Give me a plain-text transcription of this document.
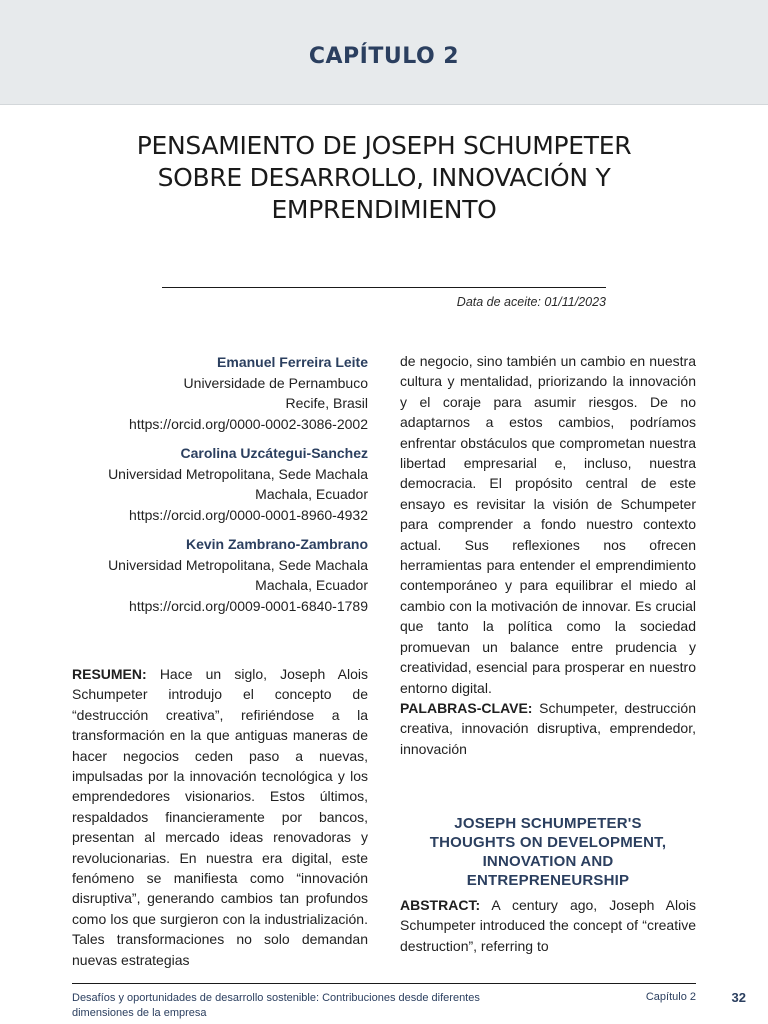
CAPÍTULO 2
PENSAMIENTO DE JOSEPH SCHUMPETER
SOBRE DESARROLLO, INNOVACIÓN Y
EMPRENDIMIENTO
Data de aceite: 01/11/2023
Emanuel Ferreira Leite
Universidade de Pernambuco
Recife, Brasil
https://orcid.org/0000-0002-3086-2002
Carolina Uzcátegui-Sanchez
Universidad Metropolitana, Sede Machala
Machala, Ecuador
https://orcid.org/0000-0001-8960-4932
Kevin Zambrano-Zambrano
Universidad Metropolitana, Sede Machala
Machala, Ecuador
https://orcid.org/0009-0001-6840-1789

RESUMEN: Hace un siglo, Joseph Alois Schumpeter introdujo el concepto de “destrucción creativa”, refiriéndose a la transformación en la que antiguas maneras de hacer negocios ceden paso a nuevas, impulsadas por la innovación tecnológica y los emprendedores visionarios. Estos últimos, respaldados financieramente por bancos, presentan al mercado ideas renovadoras y revolucionarias. En nuestra era digital, este fenómeno se manifiesta como “innovación disruptiva”, generando cambios tan profundos como los que surgieron con la industrialización. Tales transformaciones no solo demandan nuevas estrategias

de negocio, sino también un cambio en nuestra cultura y mentalidad, priorizando la innovación y el coraje para asumir riesgos. De no adaptarnos a estos cambios, podríamos enfrentar obstáculos que comprometan nuestra libertad empresarial e, incluso, nuestra democracia. El propósito central de este ensayo es revisitar la visión de Schumpeter para comprender a fondo nuestro contexto actual. Sus reflexiones nos ofrecen herramientas para entender el emprendimiento contemporáneo y para equilibrar el miedo al cambio con la motivación de innovar. Es crucial que tanto la política como la sociedad promuevan un balance entre prudencia y creatividad, esencial para prosperar en nuestro entorno digital.

PALABRAS-CLAVE: Schumpeter, destrucción creativa, innovación disruptiva, emprendedor, innovación

JOSEPH SCHUMPETER'S
THOUGHTS ON DEVELOPMENT,
INNOVATION AND
ENTREPRENEURSHIP

ABSTRACT: A century ago, Joseph Alois Schumpeter introduced the concept of “creative destruction”, referring to

Desafíos y oportunidades de desarrollo sostenible: Contribuciones desde diferentes
dimensiones de la empresa
Capítulo 2	32
